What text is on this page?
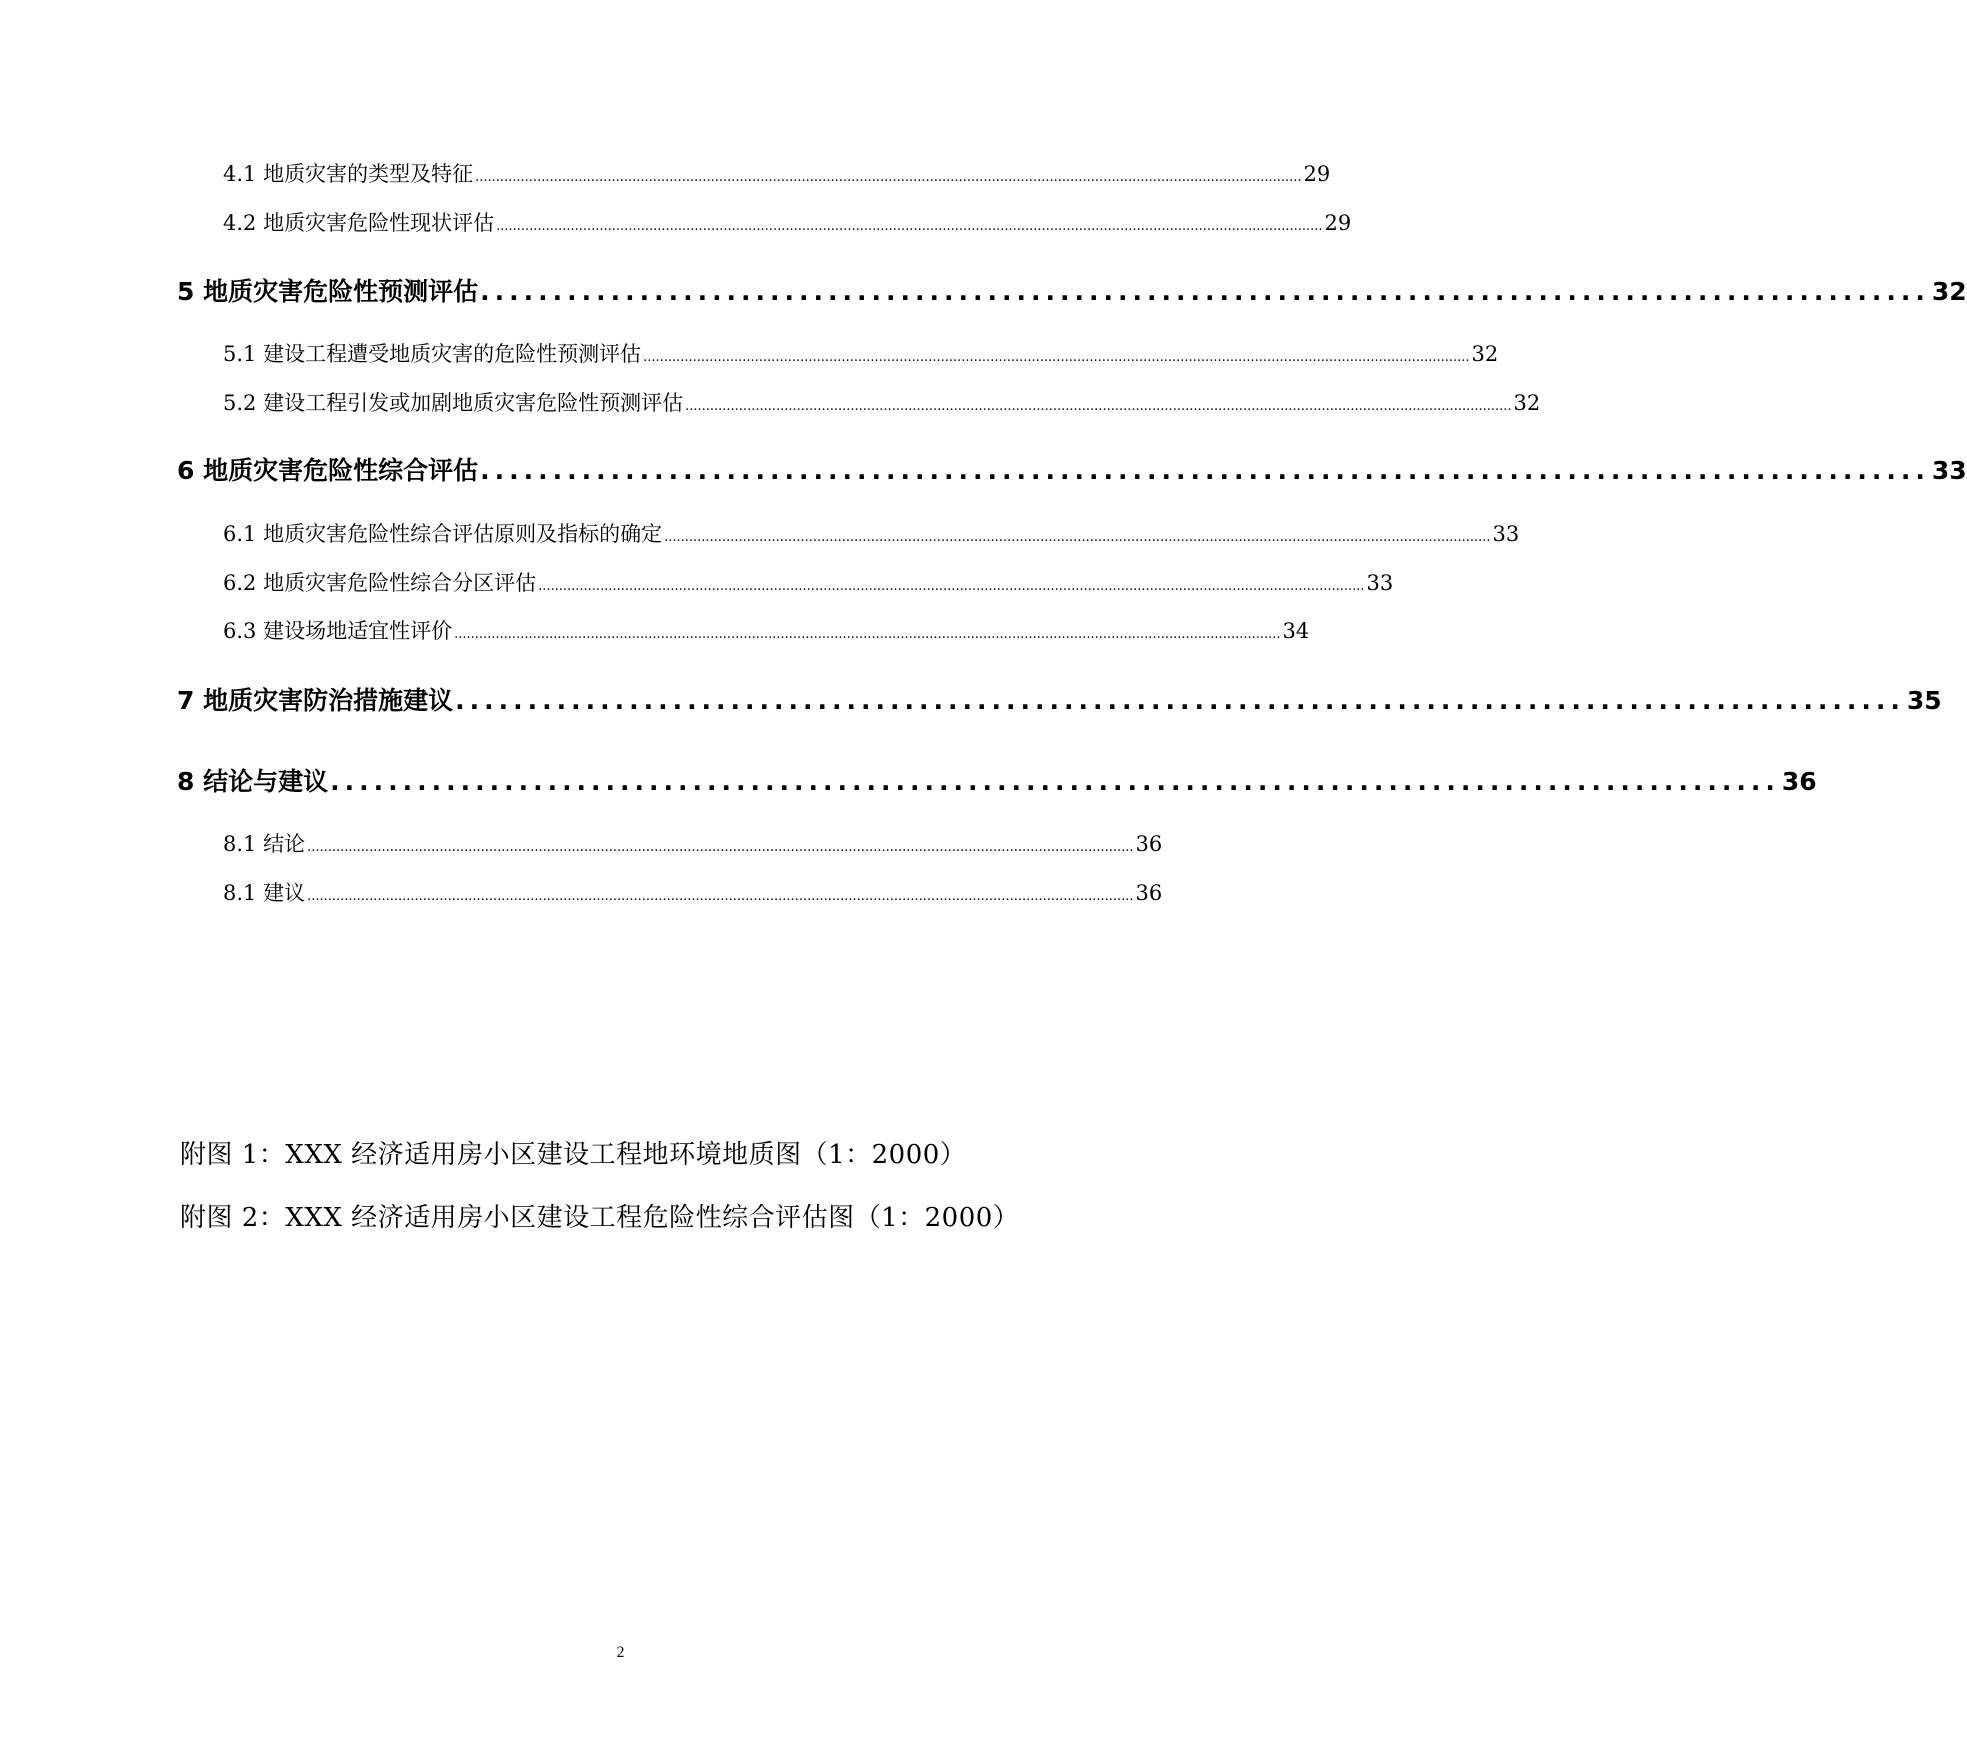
4.1 地质灾害的类型及特征 ........................................................................................................................................................................................................ 29
4.2 地质灾害危险性现状评估 ........................................................................................................................................................................................................ 29
5 地质灾害危险性预测评估 .................................................................................................... 32
5.1 建设工程遭受地质灾害的危险性预测评估 ........................................................................................................................................................................................................ 32
5.2 建设工程引发或加剧地质灾害危险性预测评估 ........................................................................................................................................................................................................ 32
6 地质灾害危险性综合评估 .................................................................................................... 33
6.1 地质灾害危险性综合评估原则及指标的确定 ........................................................................................................................................................................................................ 33
6.2 地质灾害危险性综合分区评估 ........................................................................................................................................................................................................ 33
6.3 建设场地适宜性评价 ........................................................................................................................................................................................................ 34
7 地质灾害防治措施建议 .................................................................................................... 35
8 结论与建议 .................................................................................................... 36
8.1 结论 ........................................................................................................................................................................................................ 36
8.1 建议 ........................................................................................................................................................................................................ 36
附图 1：XXX 经济适用房小区建设工程地环境地质图（1：2000）
附图 2：XXX 经济适用房小区建设工程危险性综合评估图（1：2000）
2
